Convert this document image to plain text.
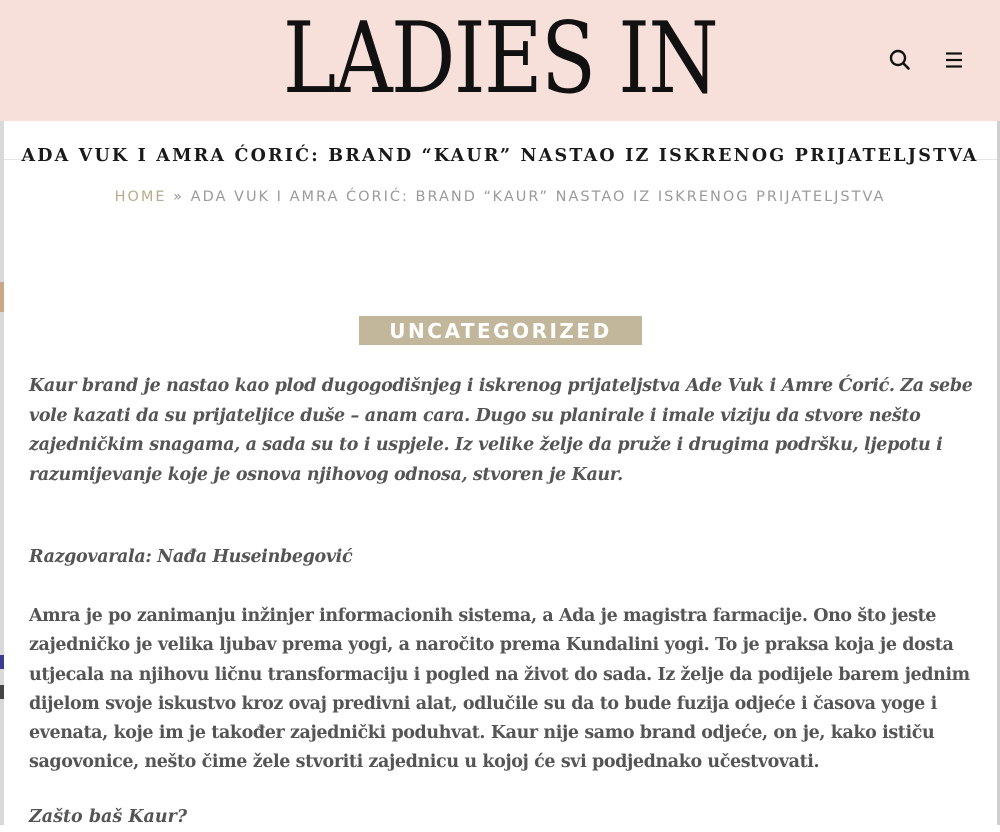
LADIES IN
ADA VUK I AMRA ĆORIĆ: BRAND “KAUR” NASTAO IZ ISKRENOG PRIJATELJSTVA
HOME » ADA VUK I AMRA ĆORIĆ: BRAND “KAUR” NASTAO IZ ISKRENOG PRIJATELJSTVA
UNCATEGORIZED

Kaur brand je nastao kao plod dugogodišnjeg i iskrenog prijateljstva Ade Vuk i Amre Ćorić. Za sebe vole kazati da su prijateljice duše – anam cara. Dugo su planirale i imale viziju da stvore nešto zajedničkim snagama, a sada su to i uspjele. Iz velike želje da pruže i drugima podršku, ljepotu i razumijevanje koje je osnova njihovog odnosa, stvoren je Kaur.

Razgovarala: Nađa Huseinbegović

Amra je po zanimanju inžinjer informacionih sistema, a Ada je magistra farmacije. Ono što jeste zajedničko je velika ljubav prema yogi, a naročito prema Kundalini yogi. To je praksa koja je dosta utjecala na njihovu ličnu transformaciju i pogled na život do sada. Iz želje da podijele barem jednim dijelom svoje iskustvo kroz ovaj predivni alat, odlučile su da to bude fuzija odjeće i časova yoge i evenata, koje im je također zajednički poduhvat. Kaur nije samo brand odjeće, on je, kako ističu sagovonice, nešto čime žele stvoriti zajednicu u kojoj će svi podjednako učestvovati.

Zašto baš Kaur?
